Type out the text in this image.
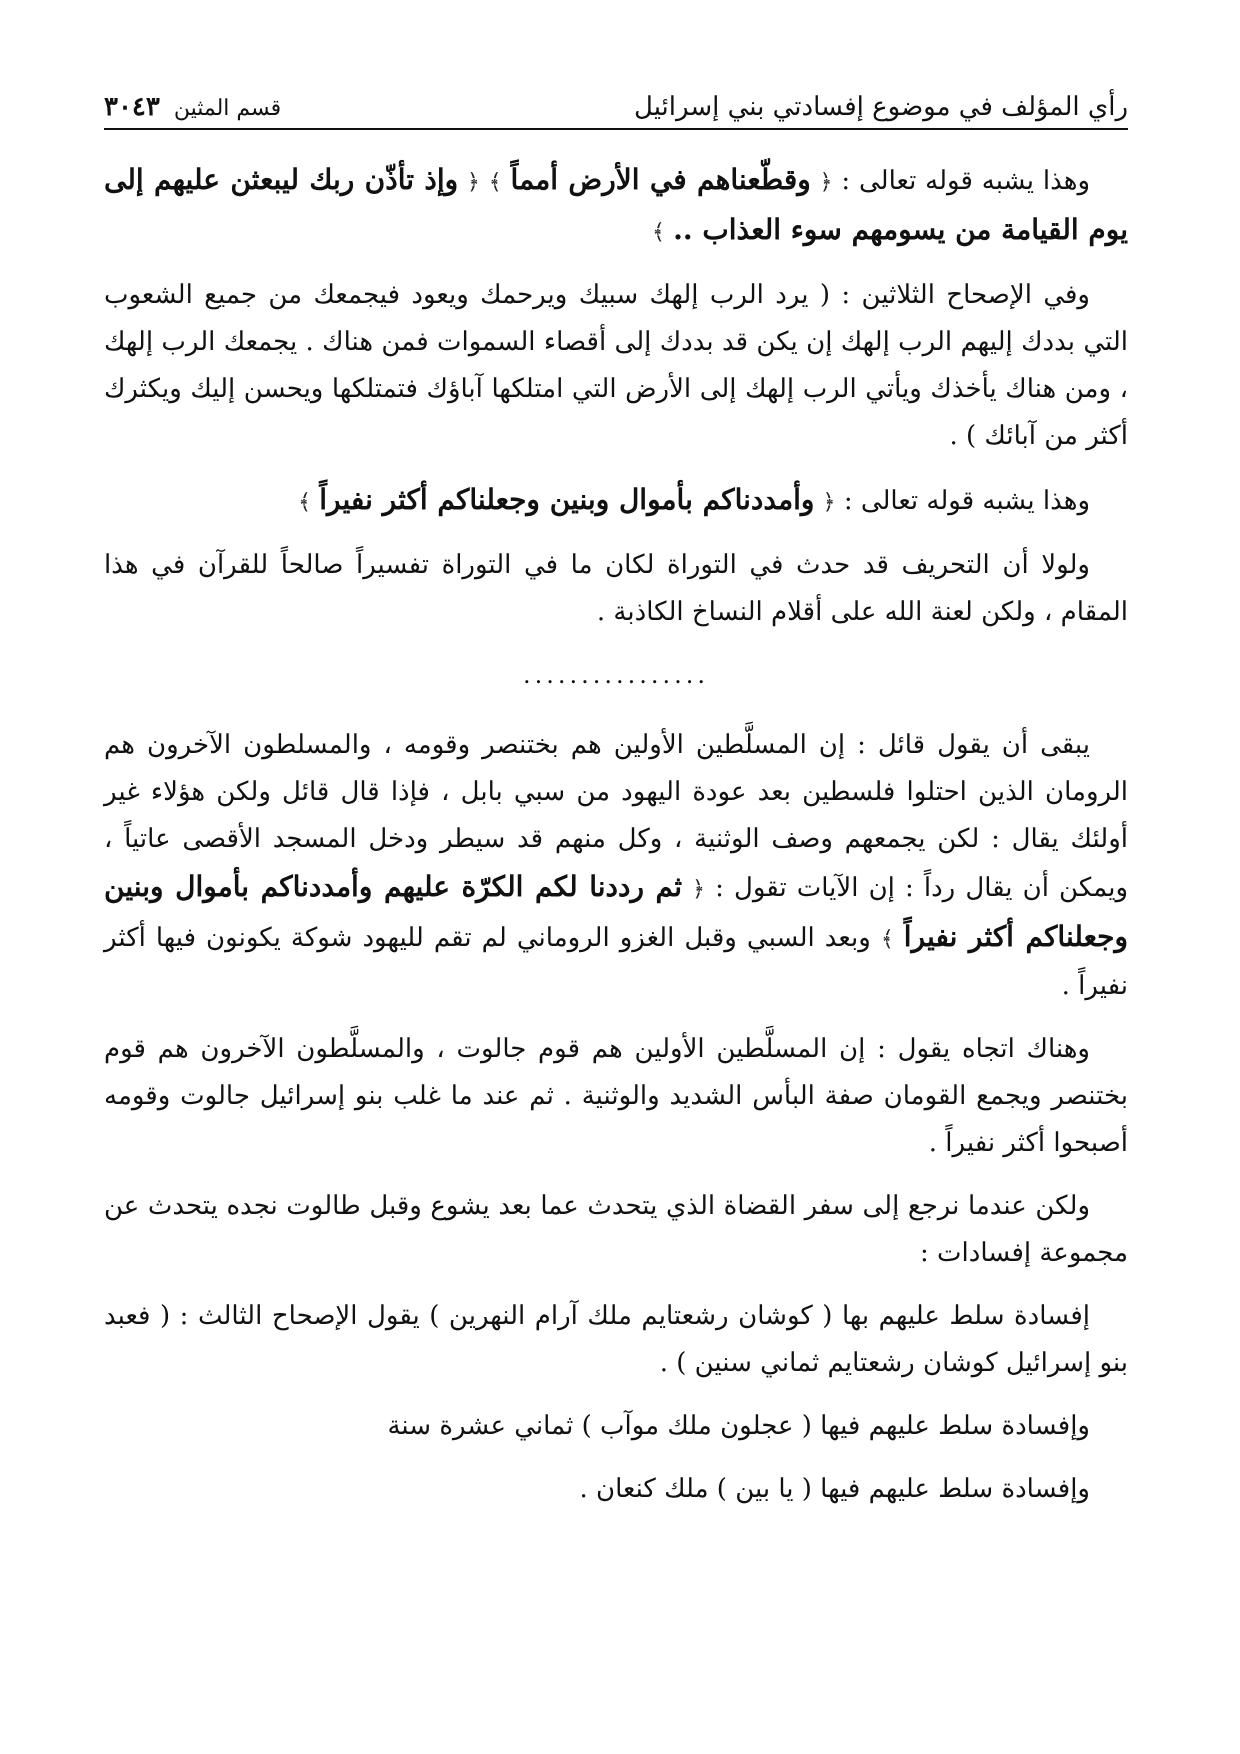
رأي المؤلف في موضوع إفسادتي بني إسرائيل
قسم المثين
٣٠٤٣

وهذا يشبه قوله تعالى : ﴿ وقطّعناهم في الأرض أمماً ﴾ ﴿ وإذ تأذّن ربك ليبعثن عليهم إلى يوم القيامة من يسومهم سوء العذاب .. ﴾

وفي الإصحاح الثلاثين : ( يرد الرب إلهك سبيك ويرحمك ويعود فيجمعك من جميع الشعوب التي بددك إليهم الرب إلهك إن يكن قد بددك إلى أقصاء السموات فمن هناك . يجمعك الرب إلهك ، ومن هناك يأخذك ويأتي الرب إلهك إلى الأرض التي امتلكها آباؤك فتمتلكها ويحسن إليك ويكثرك أكثر من آبائك ) .

وهذا يشبه قوله تعالى : ﴿ وأمددناكم بأموال وبنين وجعلناكم أكثر نفيراً ﴾

ولولا أن التحريف قد حدث في التوراة لكان ما في التوراة تفسيراً صالحاً للقرآن في هذا المقام ، ولكن لعنة الله على أقلام النساخ الكاذبة .

................

يبقى أن يقول قائل : إن المسلَّطين الأولين هم بختنصر وقومه ، والمسلطون الآخرون هم الرومان الذين احتلوا فلسطين بعد عودة اليهود من سبي بابل ، فإذا قال قائل ولكن هؤلاء غير أولئك يقال : لكن يجمعهم وصف الوثنية ، وكل منهم قد سيطر ودخل المسجد الأقصى عاتياً ، ويمكن أن يقال رداً : إن الآيات تقول : ﴿ ثم رددنا لكم الكرّة عليهم وأمددناكم بأموال وبنين وجعلناكم أكثر نفيراً ﴾ وبعد السبي وقبل الغزو الروماني لم تقم لليهود شوكة يكونون فيها أكثر نفيراً .

وهناك اتجاه يقول : إن المسلَّطين الأولين هم قوم جالوت ، والمسلَّطون الآخرون هم قوم بختنصر ويجمع القومان صفة البأس الشديد والوثنية . ثم عند ما غلب بنو إسرائيل جالوت وقومه أصبحوا أكثر نفيراً .

ولكن عندما نرجع إلى سفر القضاة الذي يتحدث عما بعد يشوع وقبل طالوت نجده يتحدث عن مجموعة إفسادات :

إفسادة سلط عليهم بها ( كوشان رشعتايم ملك آرام النهرين ) يقول الإصحاح الثالث : ( فعبد بنو إسرائيل كوشان رشعتايم ثماني سنين ) .

وإفسادة سلط عليهم فيها ( عجلون ملك موآب ) ثماني عشرة سنة

وإفسادة سلط عليهم فيها ( يا بين ) ملك كنعان .
